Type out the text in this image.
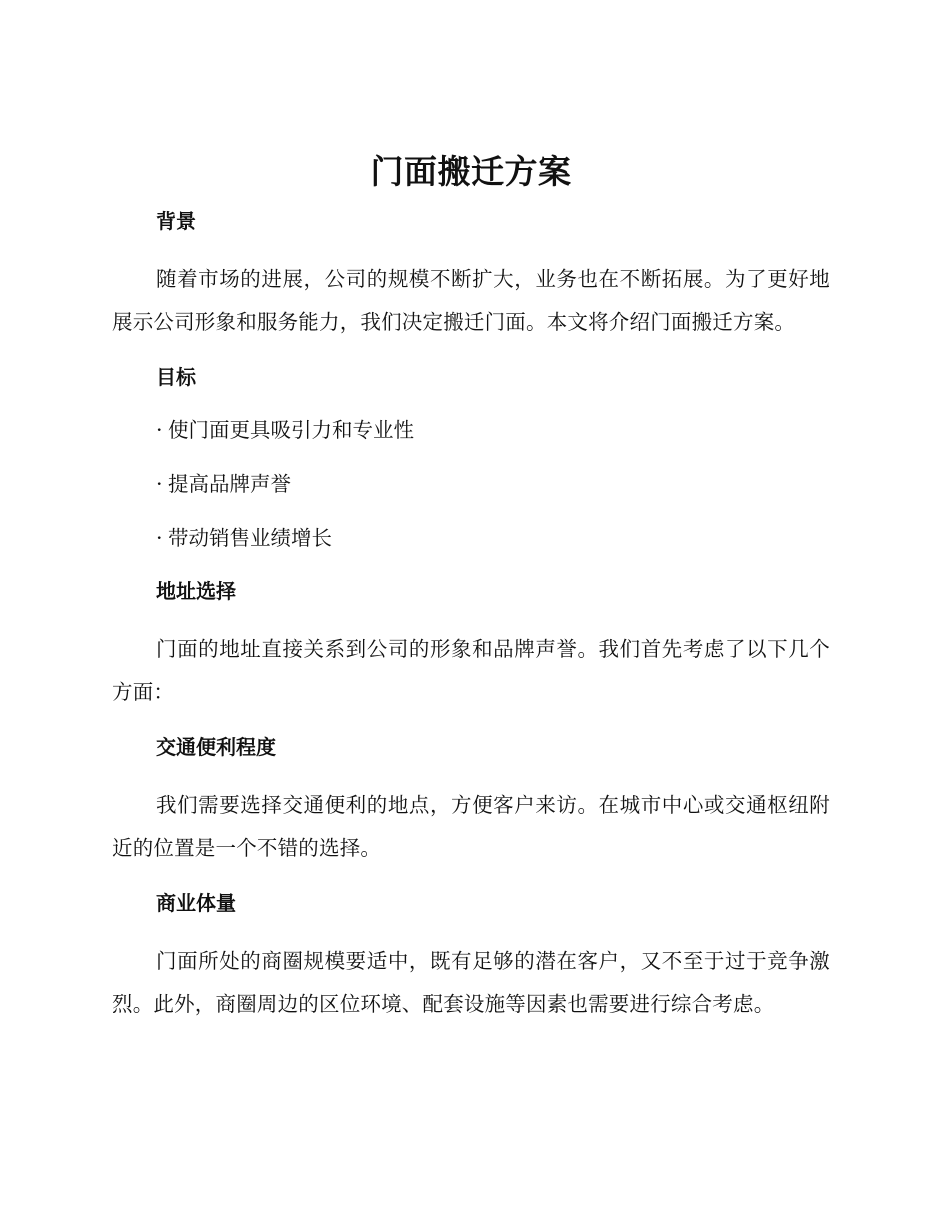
门面搬迁方案
背景

随着市场的进展，公司的规模不断扩大，业务也在不断拓展。为了更好地展示公司形象和服务能力，我们决定搬迁门面。本文将介绍门面搬迁方案。

目标
· 使门面更具吸引力和专业性
· 提高品牌声誉
· 带动销售业绩增长
地址选择

门面的地址直接关系到公司的形象和品牌声誉。我们首先考虑了以下几个方面：

交通便利程度

我们需要选择交通便利的地点，方便客户来访。在城市中心或交通枢纽附近的位置是一个不错的选择。

商业体量

门面所处的商圈规模要适中，既有足够的潜在客户，又不至于过于竞争激烈。此外，商圈周边的区位环境、配套设施等因素也需要进行综合考虑。
